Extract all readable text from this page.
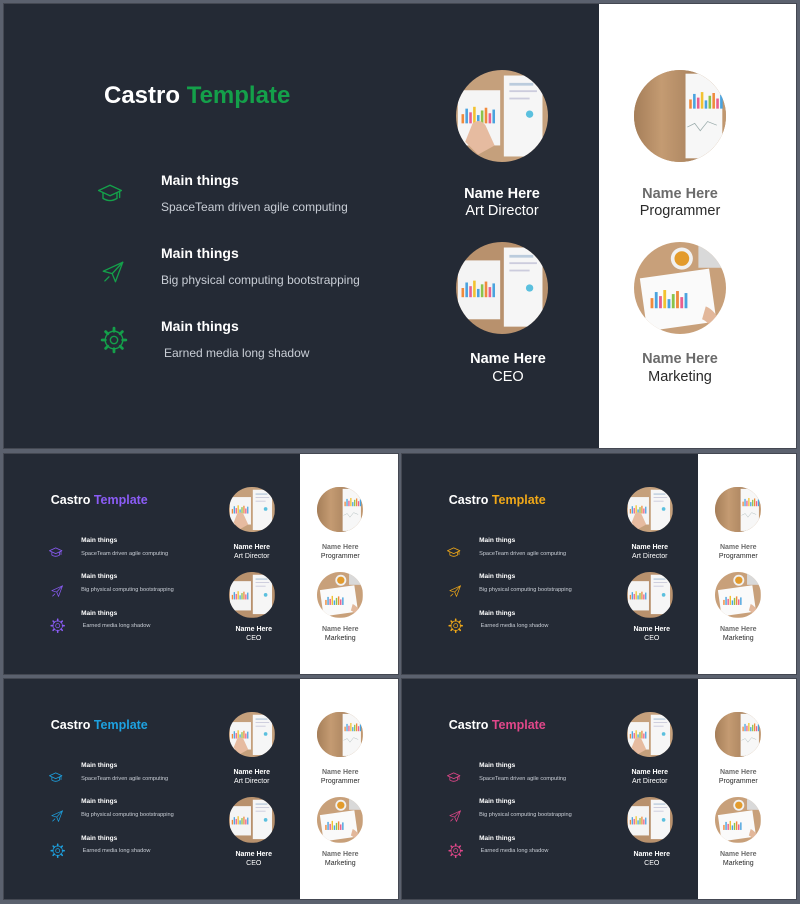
Castro Template
Main things
SpaceTeam driven agile computing
Main things
Big physical computing bootstrapping
Main things
Earned media long shadow
Name Here
Art Director
Name Here
Programmer
Name Here
CEO
Name Here
Marketing
Castro Template
Main things
SpaceTeam driven agile computing
Main things
Big physical computing bootstrapping
Main things
Earned media long shadow
Name Here
Art Director
Name Here
Programmer
Name Here
CEO
Name Here
Marketing
Castro Template
Main things
SpaceTeam driven agile computing
Main things
Big physical computing bootstrapping
Main things
Earned media long shadow
Name Here
Art Director
Name Here
Programmer
Name Here
CEO
Name Here
Marketing
Castro Template
Main things
SpaceTeam driven agile computing
Main things
Big physical computing bootstrapping
Main things
Earned media long shadow
Name Here
Art Director
Name Here
Programmer
Name Here
CEO
Name Here
Marketing
Castro Template
Main things
SpaceTeam driven agile computing
Main things
Big physical computing bootstrapping
Main things
Earned media long shadow
Name Here
Art Director
Name Here
Programmer
Name Here
CEO
Name Here
Marketing
